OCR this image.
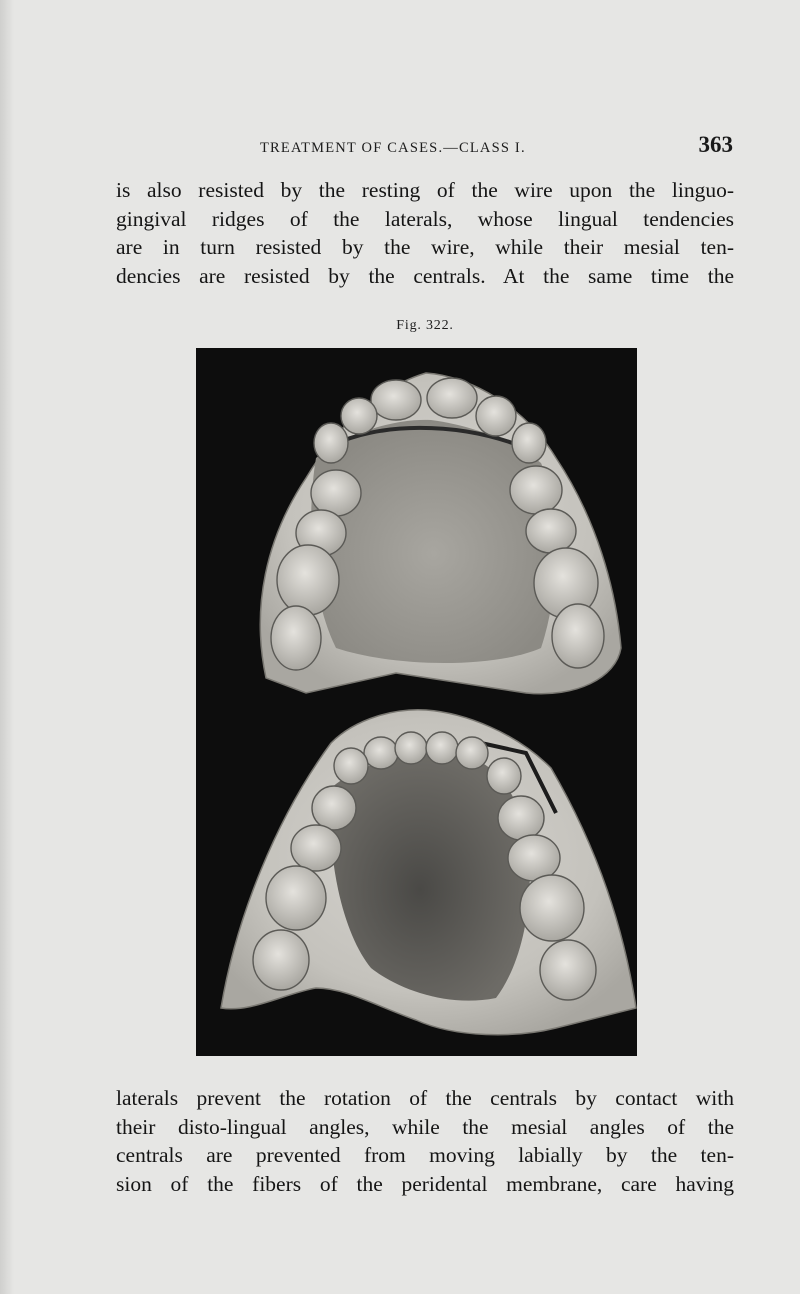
TREATMENT OF CASES.—CLASS I.	363

is also resisted by the resting of the wire upon the linguo-
gingival ridges of the laterals, whose lingual tendencies
are in turn resisted by the wire, while their mesial ten-
dencies are resisted by the centrals. At the same time the

Fig. 322.

laterals prevent the rotation of the centrals by contact with
their disto-lingual angles, while the mesial angles of the
centrals are prevented from moving labially by the ten-
sion of the fibers of the peridental membrane, care having
